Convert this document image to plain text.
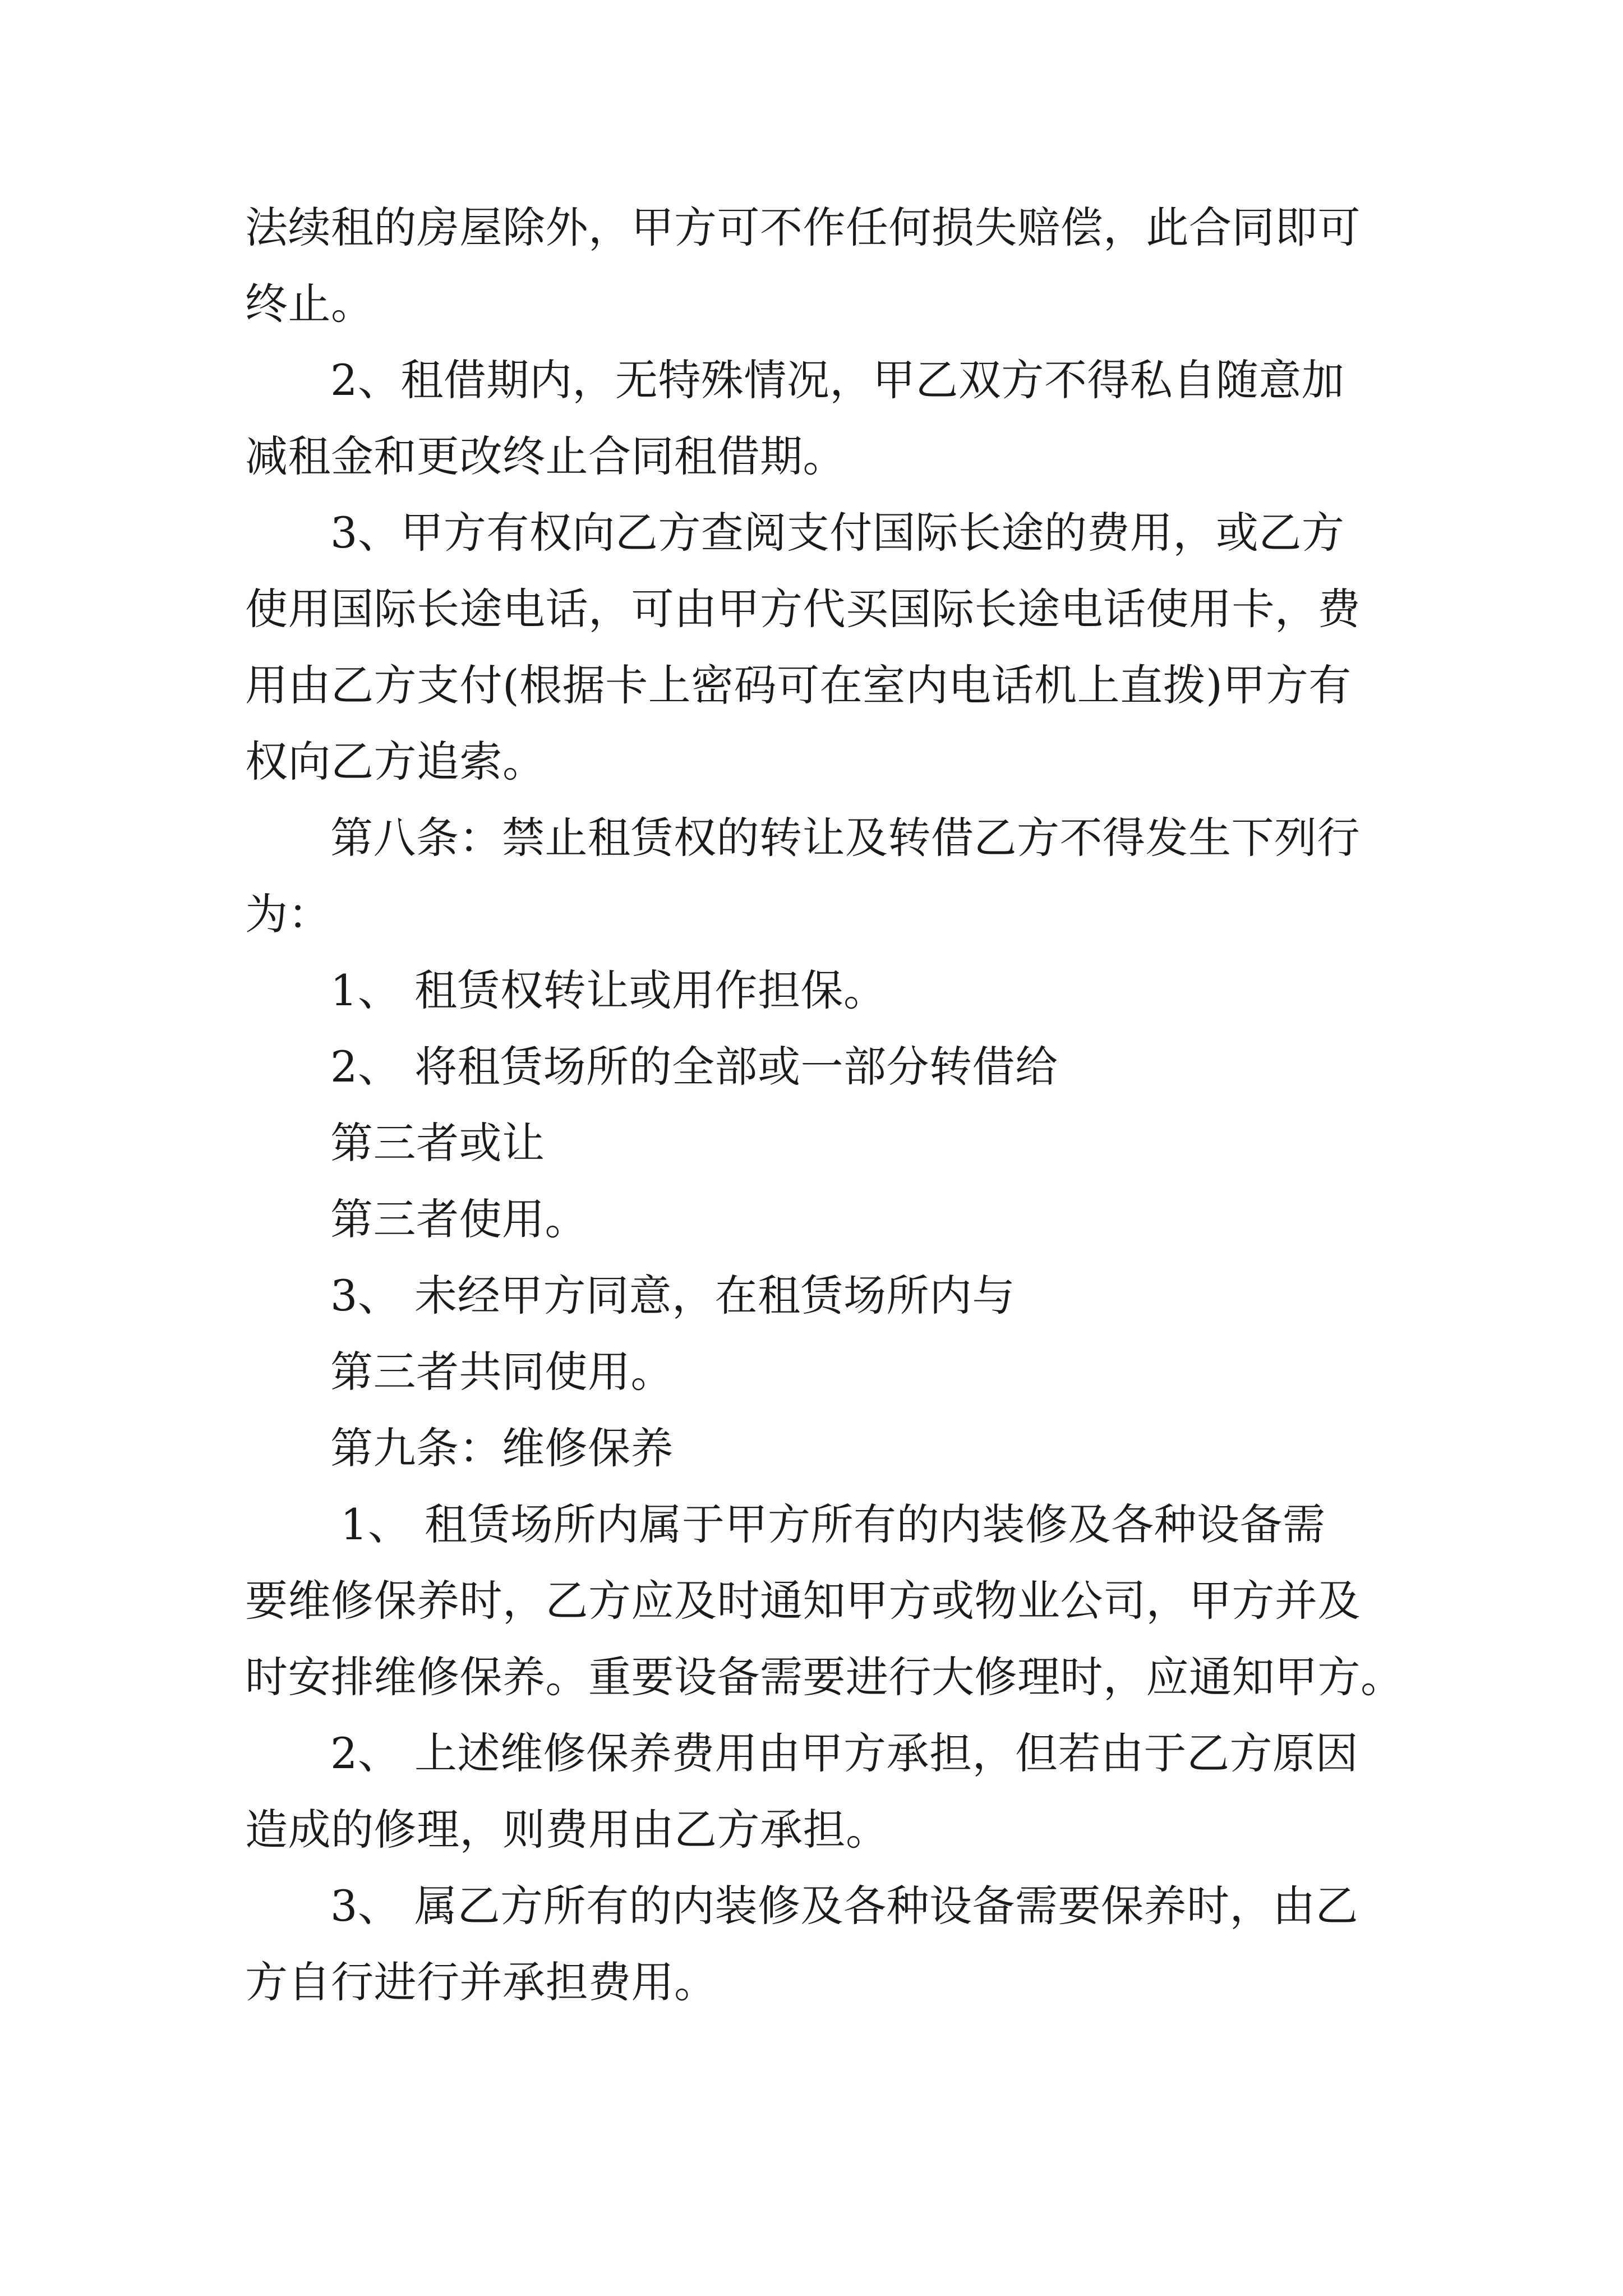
法续租的房屋除外，甲方可不作任何损失赔偿，此合同即可
终止。
2、租借期内，无特殊情况，甲乙双方不得私自随意加
减租金和更改终止合同租借期。
3、甲方有权向乙方查阅支付国际长途的费用，或乙方
使用国际长途电话，可由甲方代买国际长途电话使用卡，费
用由乙方支付(根据卡上密码可在室内电话机上直拨)甲方有
权向乙方追索。
第八条：禁止租赁权的转让及转借乙方不得发生下列行
为：
1、 租赁权转让或用作担保。
2、 将租赁场所的全部或一部分转借给
第三者或让
第三者使用。
3、 未经甲方同意，在租赁场所内与
第三者共同使用。
第九条：维修保养
1、 租赁场所内属于甲方所有的内装修及各种设备需
要维修保养时，乙方应及时通知甲方或物业公司，甲方并及
时安排维修保养。重要设备需要进行大修理时，应通知甲方。
2、 上述维修保养费用由甲方承担，但若由于乙方原因
造成的修理，则费用由乙方承担。
3、 属乙方所有的内装修及各种设备需要保养时，由乙
方自行进行并承担费用。
